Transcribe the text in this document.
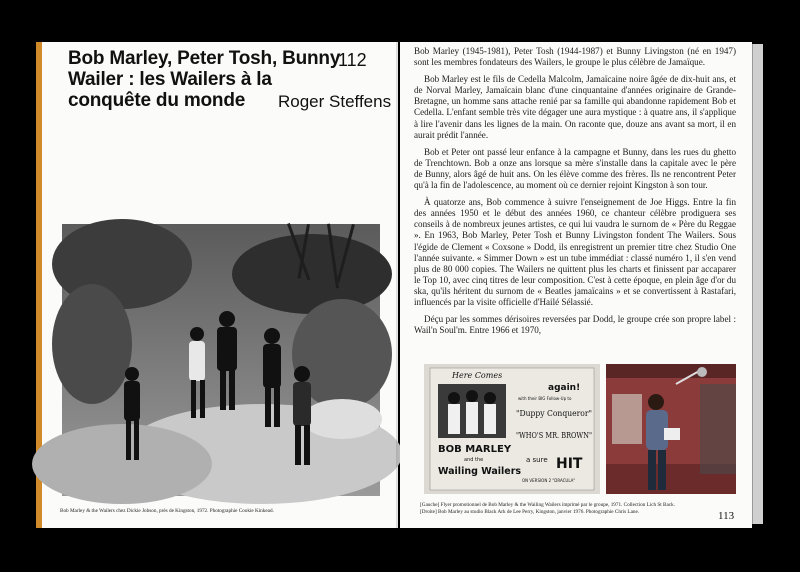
Bob Marley, Peter Tosh, Bunny Wailer : les Wailers à la conquête du monde
112
Roger Steffens
Bob Marley & the Wailers chez Dickie Jobson, près de Kingston, 1972. Photographie Cookie Kinkead.

Bob Marley (1945-1981), Peter Tosh (1944-1987) et Bunny Livingston (né en 1947) sont les membres fondateurs des Wailers, le groupe le plus célèbre de Jamaïque.

Bob Marley est le fils de Cedella Malcolm, Jamaïcaine noire âgée de dix-huit ans, et de Norval Marley, Jamaïcain blanc d'une cinquantaine d'années originaire de Grande-Bretagne, un homme sans attache renié par sa famille qui abandonne rapidement Bob et Cedella. L'enfant semble très vite dégager une aura mystique : à quatre ans, il s'applique à lire l'avenir dans les lignes de la main. On raconte que, douze ans avant sa mort, il en aurait prédit l'année.

Bob et Peter ont passé leur enfance à la campagne et Bunny, dans les rues du ghetto de Trenchtown. Bob a onze ans lorsque sa mère s'installe dans la capitale avec le père de Bunny, alors âgé de huit ans. On les élève comme des frères. Ils ne rencontrent Peter qu'à la fin de l'adolescence, au moment où ce dernier rejoint Kingston à son tour.

À quatorze ans, Bob commence à suivre l'enseignement de Joe Higgs. Entre la fin des années 1950 et le début des années 1960, ce chanteur célèbre prodiguera ses conseils à de nombreux jeunes artistes, ce qui lui vaudra le surnom de « Père du Reggae ». En 1963, Bob Marley, Peter Tosh et Bunny Livingston fondent The Wailers. Sous l'égide de Clement « Coxsone » Dodd, ils enregistrent un premier titre chez Studio One l'année suivante. « Simmer Down » est un tube immédiat : classé numéro 1, il s'en vend plus de 80 000 copies. The Wailers ne quittent plus les charts et finissent par accaparer le Top 10, avec cinq titres de leur composition. C'est à cette époque, en plein âge d'or du ska, qu'ils héritent du surnom de « Beatles jamaïcains » et se convertissent à Rastafari, influencés par la visite officielle d'Hailé Sélassié.

Déçu par les sommes dérisoires reversées par Dodd, le groupe crée son propre label : Wail'n Soul'm. Entre 1966 et 1970,

Here Comes
BOB MARLEY
and the
Wailing Wailers
again!
with their BIG Follow-Up to
"Duppy Conqueror"
"WHO'S MR. BROWN"
a sure HIT
ON VERSION 2 "DRACULA"
[Gauche] Flyer promotionnel de Bob Marley & the Wailing Wailers imprimé par le groupe, 1971. Collection Lich St Back.
[Droite] Bob Marley au studio Black Ark de Lee Perry, Kingston, janvier 1976. Photographie Chris Lane.	113
